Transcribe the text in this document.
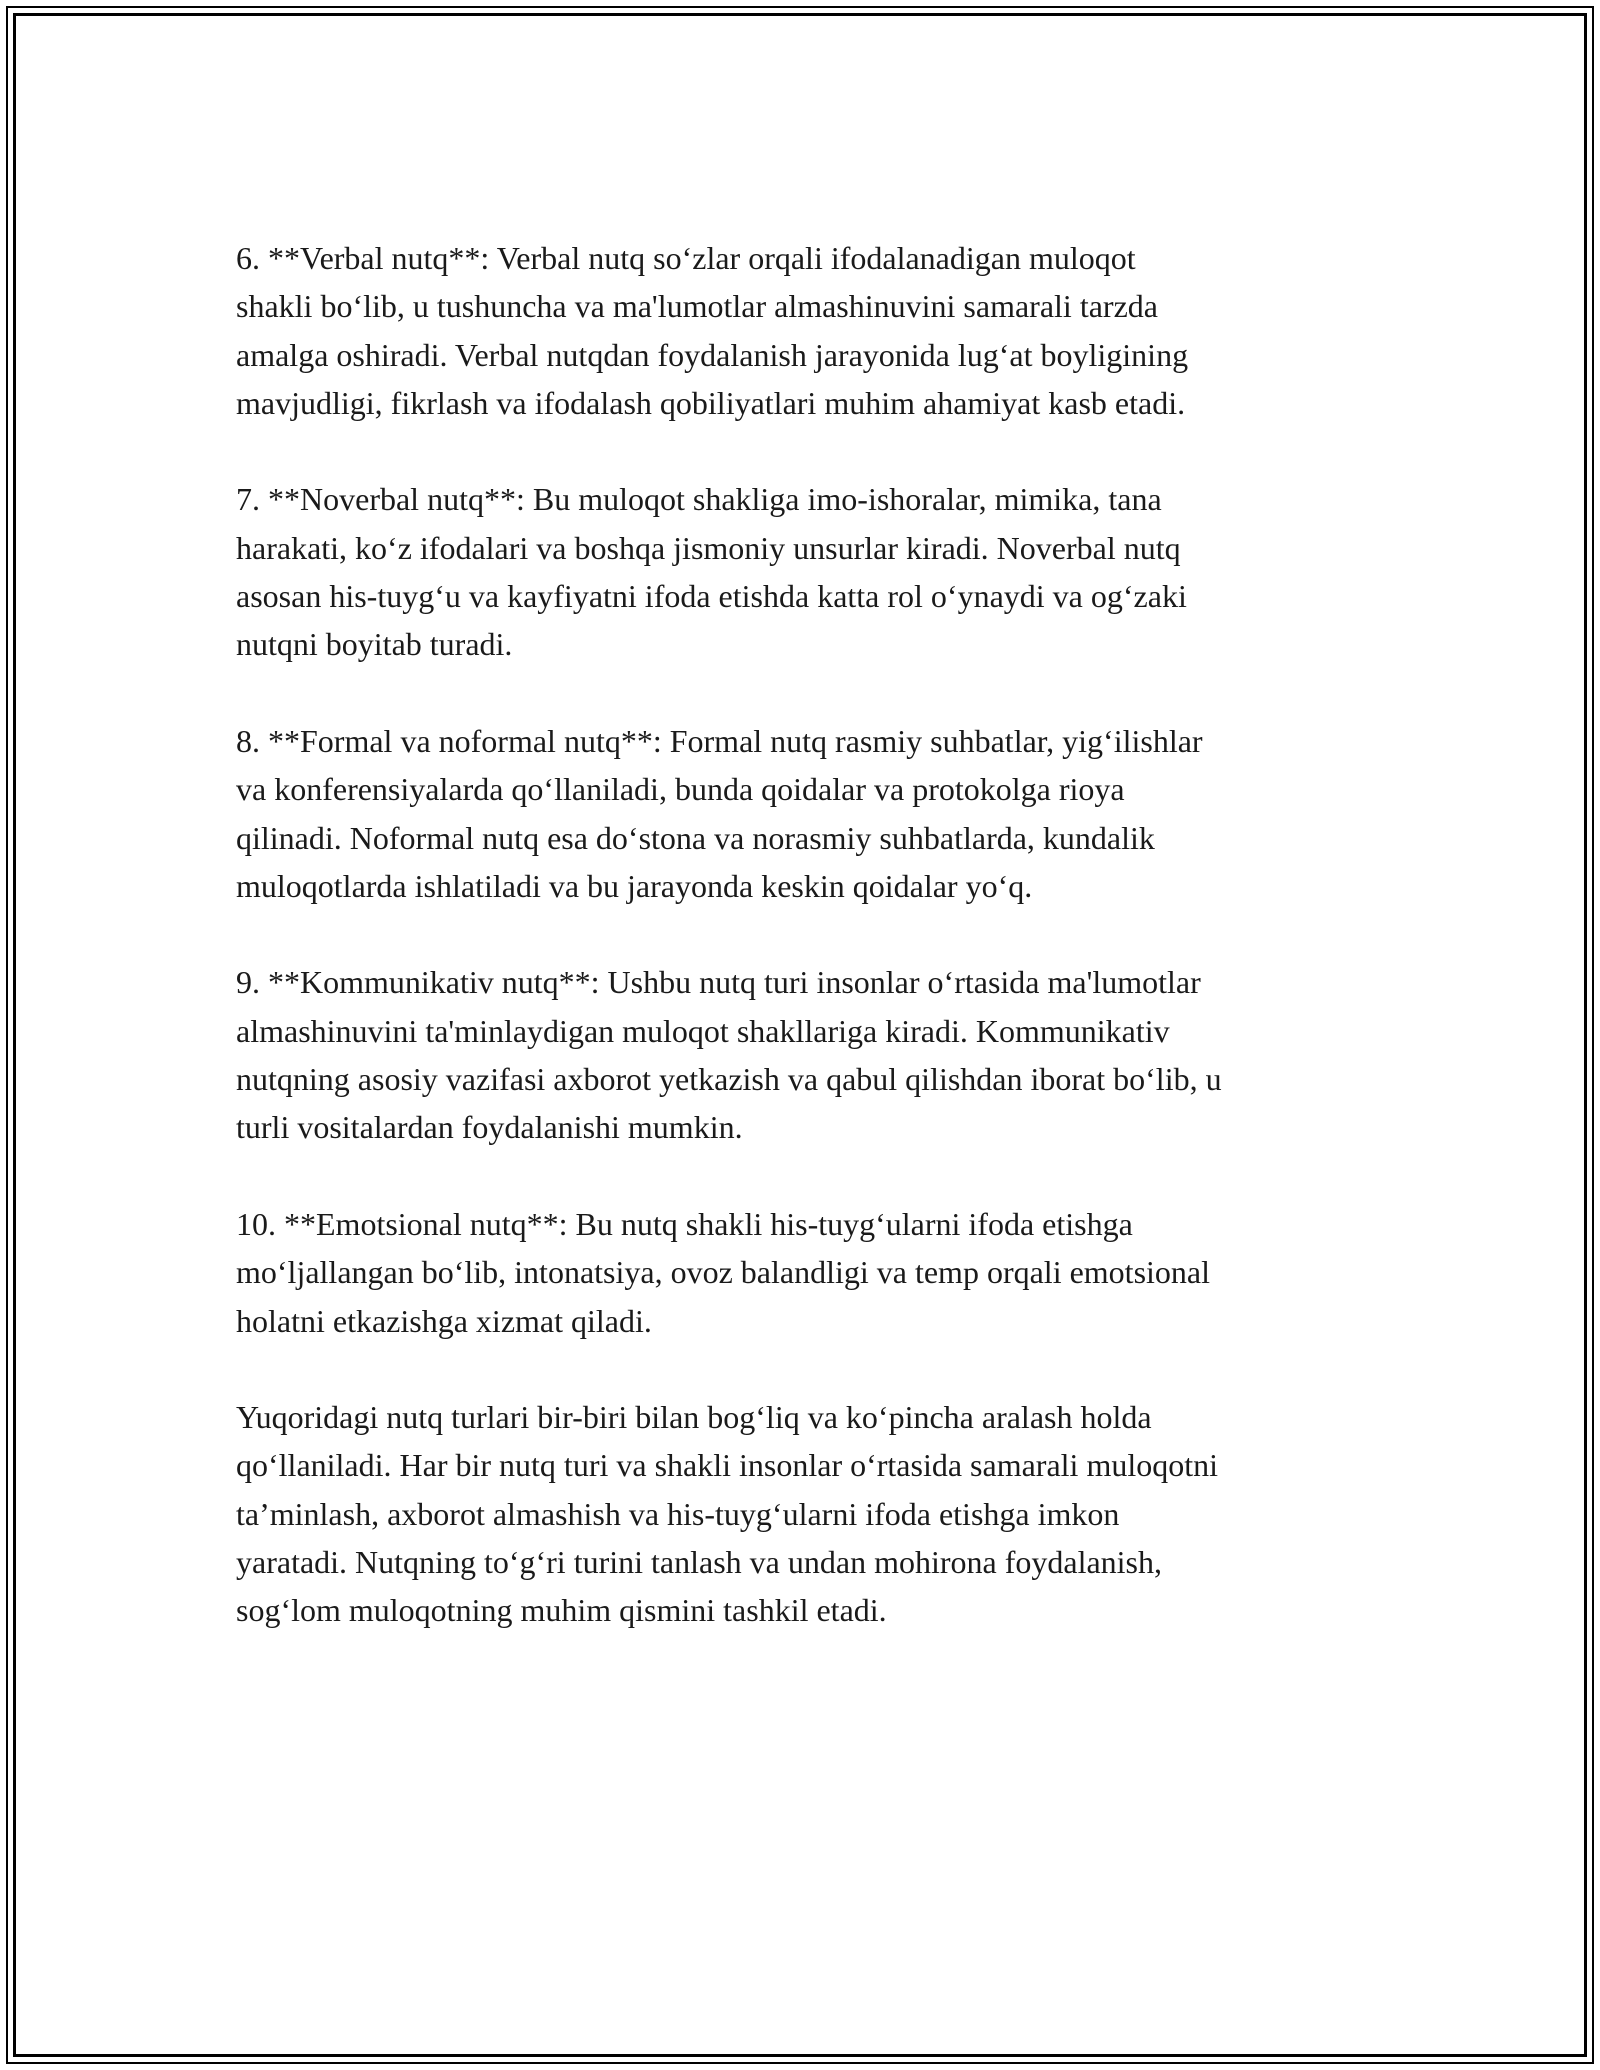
6. **Verbal nutq**: Verbal nutq so‘zlar orqali ifodalanadigan muloqot
shakli bo‘lib, u tushuncha va ma'lumotlar almashinuvini samarali tarzda
amalga oshiradi. Verbal nutqdan foydalanish jarayonida lug‘at boyligining
mavjudligi, fikrlash va ifodalash qobiliyatlari muhim ahamiyat kasb etadi.

7. **Noverbal nutq**: Bu muloqot shakliga imo-ishoralar, mimika, tana
harakati, ko‘z ifodalari va boshqa jismoniy unsurlar kiradi. Noverbal nutq
asosan his-tuyg‘u va kayfiyatni ifoda etishda katta rol o‘ynaydi va og‘zaki
nutqni boyitab turadi.

8. **Formal va noformal nutq**: Formal nutq rasmiy suhbatlar, yig‘ilishlar
va konferensiyalarda qo‘llaniladi, bunda qoidalar va protokolga rioya
qilinadi. Noformal nutq esa do‘stona va norasmiy suhbatlarda, kundalik
muloqotlarda ishlatiladi va bu jarayonda keskin qoidalar yo‘q.

9. **Kommunikativ nutq**: Ushbu nutq turi insonlar o‘rtasida ma'lumotlar
almashinuvini ta'minlaydigan muloqot shakllariga kiradi. Kommunikativ
nutqning asosiy vazifasi axborot yetkazish va qabul qilishdan iborat bo‘lib, u
turli vositalardan foydalanishi mumkin.

10. **Emotsional nutq**: Bu nutq shakli his-tuyg‘ularni ifoda etishga
mo‘ljallangan bo‘lib, intonatsiya, ovoz balandligi va temp orqali emotsional
holatni etkazishga xizmat qiladi.

Yuqoridagi nutq turlari bir-biri bilan bog‘liq va ko‘pincha aralash holda
qo‘llaniladi. Har bir nutq turi va shakli insonlar o‘rtasida samarali muloqotni
ta’minlash, axborot almashish va his-tuyg‘ularni ifoda etishga imkon
yaratadi. Nutqning to‘g‘ri turini tanlash va undan mohirona foydalanish,
sog‘lom muloqotning muhim qismini tashkil etadi.
